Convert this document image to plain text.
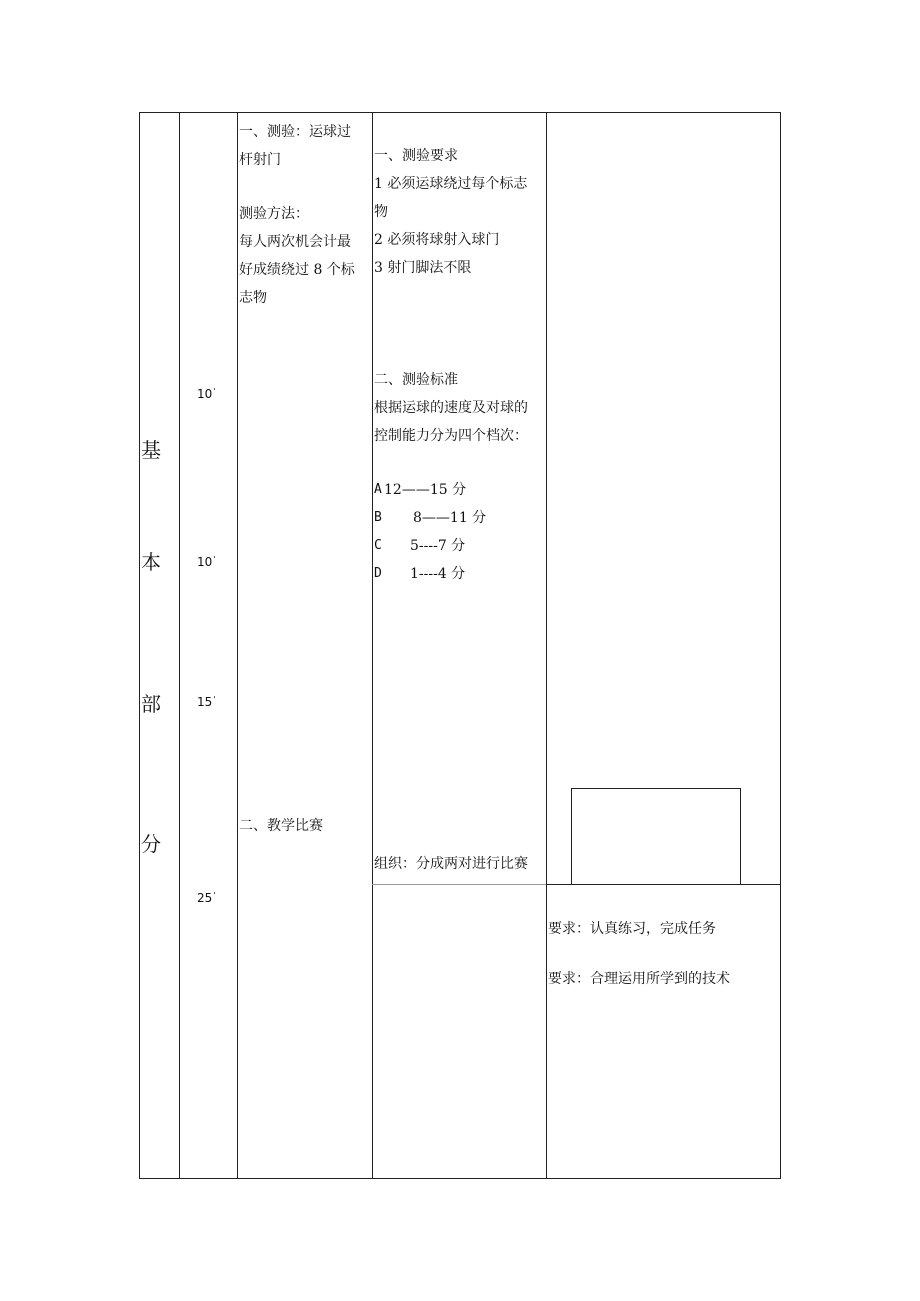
基
本
部
分
10 '
10 '
15 '
25 '
一、测验：运球过
杆射门
测验方法：
每人两次机会计最
好成绩绕过 8 个标
志物
二、教学比赛
一、测验要求
1 必须运球绕过每个标志
物
2 必须将球射入球门
3 射门脚法不限
二、测验标准
根据运球的速度及对球的
控制能力分为四个档次：
A 12——15 分
B 8——11 分
C 5----7 分
D 1----4 分
组织：分成两对进行比赛
要求：认真练习，完成任务
要求：合理运用所学到的技术
